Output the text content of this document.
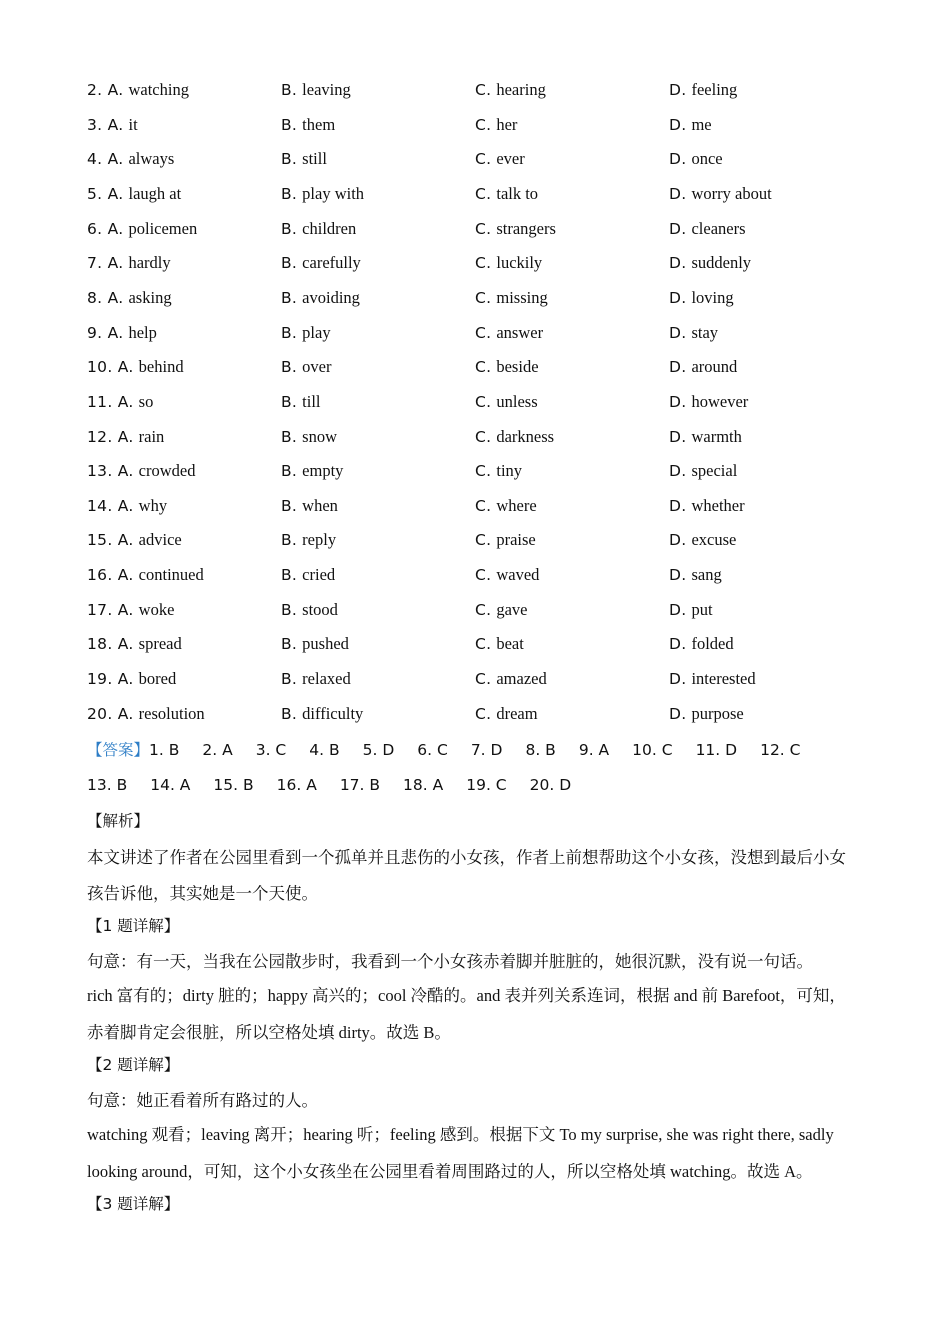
2. A. watching	B. leaving	C. hearing	D. feeling
3. A. it	B. them	C. her	D. me
4. A. always	B. still	C. ever	D. once
5. A. laugh at	B. play with	C. talk to	D. worry about
6. A. policemen	B. children	C. strangers	D. cleaners
7. A. hardly	B. carefully	C. luckily	D. suddenly
8. A. asking	B. avoiding	C. missing	D. loving
9. A. help	B. play	C. answer	D. stay
10. A. behind	B. over	C. beside	D. around
11. A. so	B. till	C. unless	D. however
12. A. rain	B. snow	C. darkness	D. warmth
13. A. crowded	B. empty	C. tiny	D. special
14. A. why	B. when	C. where	D. whether
15. A. advice	B. reply	C. praise	D. excuse
16. A. continued	B. cried	C. waved	D. sang
17. A. woke	B. stood	C. gave	D. put
18. A. spread	B. pushed	C. beat	D. folded
19. A. bored	B. relaxed	C. amazed	D. interested
20. A. resolution	B. difficulty	C. dream	D. purpose
【答案】1. B 2. A 3. C 4. B 5. D 6. C 7. D 8. B 9. A 10. C 11. D 12. C
13. B 14. A 15. B 16. A 17. B 18. A 19. C 20. D
【解析】
本文讲述了作者在公园里看到一个孤单并且悲伤的小女孩，作者上前想帮助这个小女孩，没想到最后小女
孩告诉他，其实她是一个天使。
【1 题详解】
句意：有一天，当我在公园散步时，我看到一个小女孩赤着脚并脏脏的，她很沉默，没有说一句话。
rich 富有的；dirty 脏的；happy 高兴的；cool 冷酷的。and 表并列关系连词，根据 and 前 Barefoot，可知，
赤着脚肯定会很脏，所以空格处填 dirty。故选 B。
【2 题详解】
句意：她正看着所有路过的人。
watching 观看；leaving 离开；hearing 听；feeling 感到。根据下文 To my surprise, she was right there, sadly
looking around，可知，这个小女孩坐在公园里看着周围路过的人，所以空格处填 watching。故选 A。
【3 题详解】
